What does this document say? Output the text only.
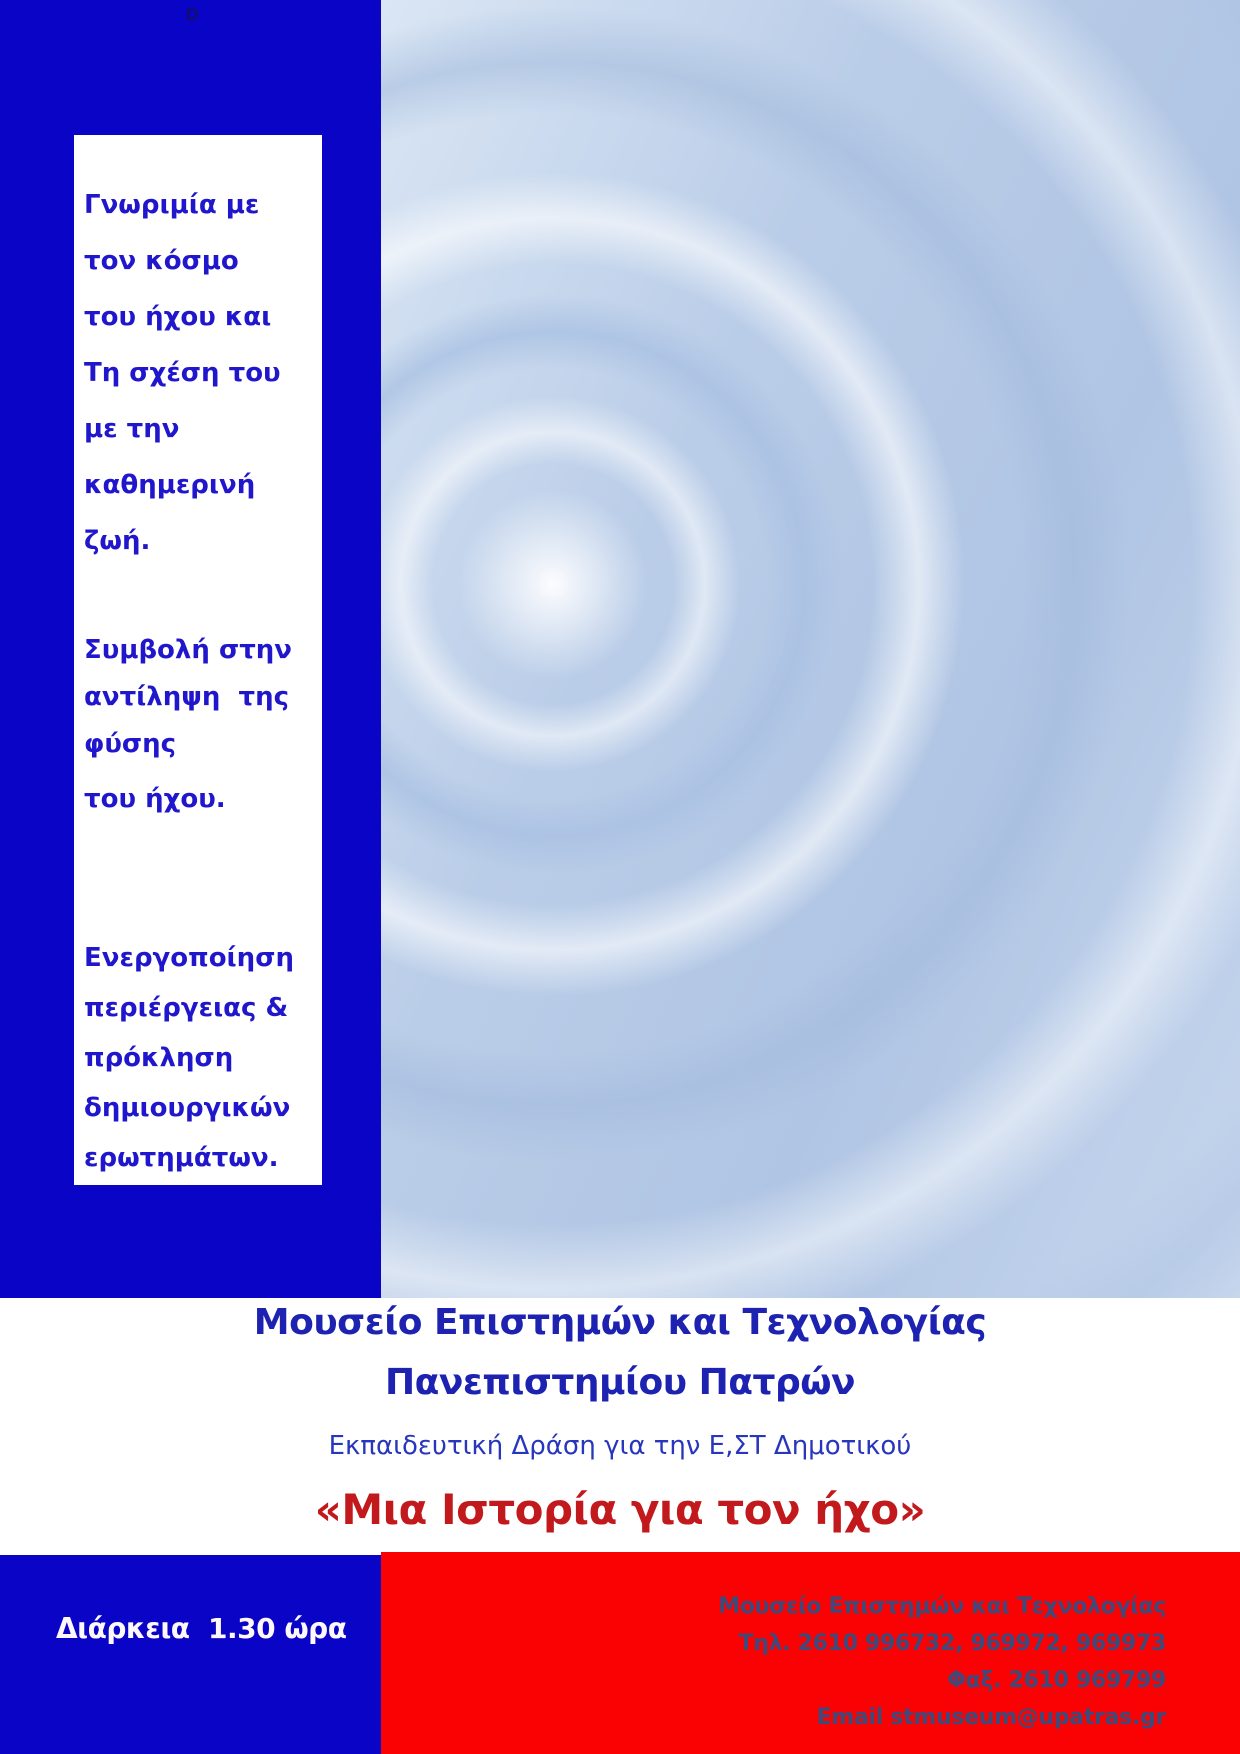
D
Γνωριμία με
τον κόσμο
του ήχου και
Τη σχέση του
με την
καθημερινή
ζωή.
Συμβολή στην
αντίληψη  της
φύσης
του ήχου.
Ενεργοποίηση
περιέργειας &
πρόκληση
δημιουργικών
ερωτημάτων.
Μουσείο Επιστημών και Τεχνολογίας
Πανεπιστημίου Πατρών
Εκπαιδευτική Δράση για την Ε,ΣΤ Δημοτικού
«Μια Ιστορία για τον ήχο»
Διάρκεια  1.30 ώρα
Μουσείο Επιστημών και Τεχνολογίας
Τηλ. 2610 996732, 969972, 969973
Φαξ. 2610 969799
Email stmuseum@upatras.gr
